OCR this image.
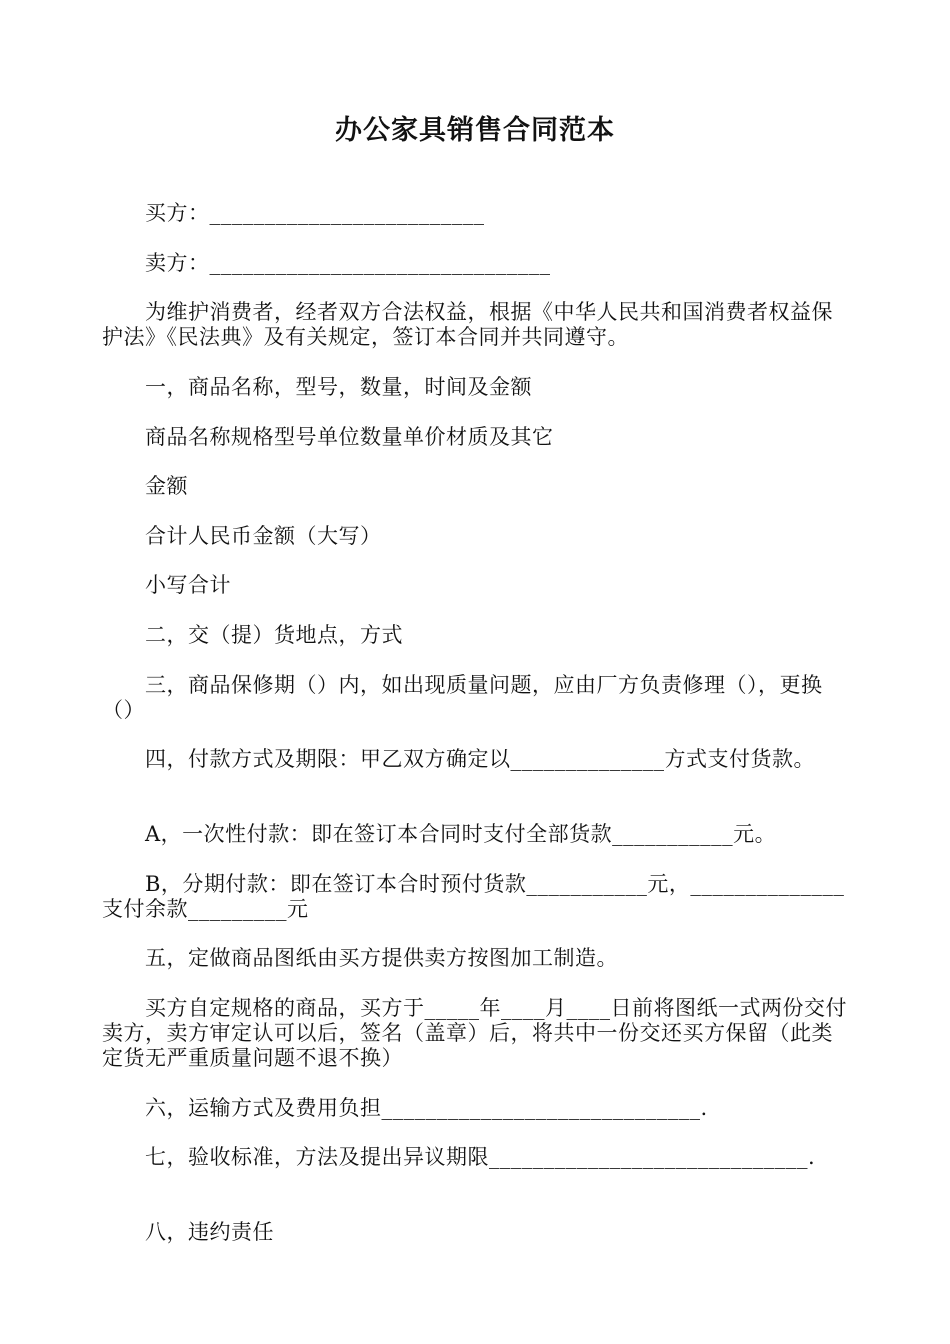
办公家具销售合同范本
　　买方：_________________________
　　卖方：_______________________________
　　为维护消费者，经者双方合法权益，根据《中华人民共和国消费者权益保护法》《民法典》及有关规定，签订本合同并共同遵守。
　　一，商品名称，型号，数量，时间及金额
　　商品名称规格型号单位数量单价材质及其它
　　金额
　　合计人民币金额（大写）
　　小写合计
　　二，交（提）货地点，方式
　　三，商品保修期（）内，如出现质量问题，应由厂方负责修理（），更换（）
　　四，付款方式及期限：甲乙双方确定以______________方式支付货款。
　　A，一次性付款：即在签订本合同时支付全部货款___________元。
　　B，分期付款：即在签订本合时预付货款___________元，______________支付余款_________元
　　五，定做商品图纸由买方提供卖方按图加工制造。
　　买方自定规格的商品，买方于_____年____月____日前将图纸一式两份交付卖方，卖方审定认可以后，签名（盖章）后，将共中一份交还买方保留（此类定货无严重质量问题不退不换）
　　六，运输方式及费用负担_____________________________.
　　七，验收标准，方法及提出异议期限_____________________________.
　　八，违约责任
